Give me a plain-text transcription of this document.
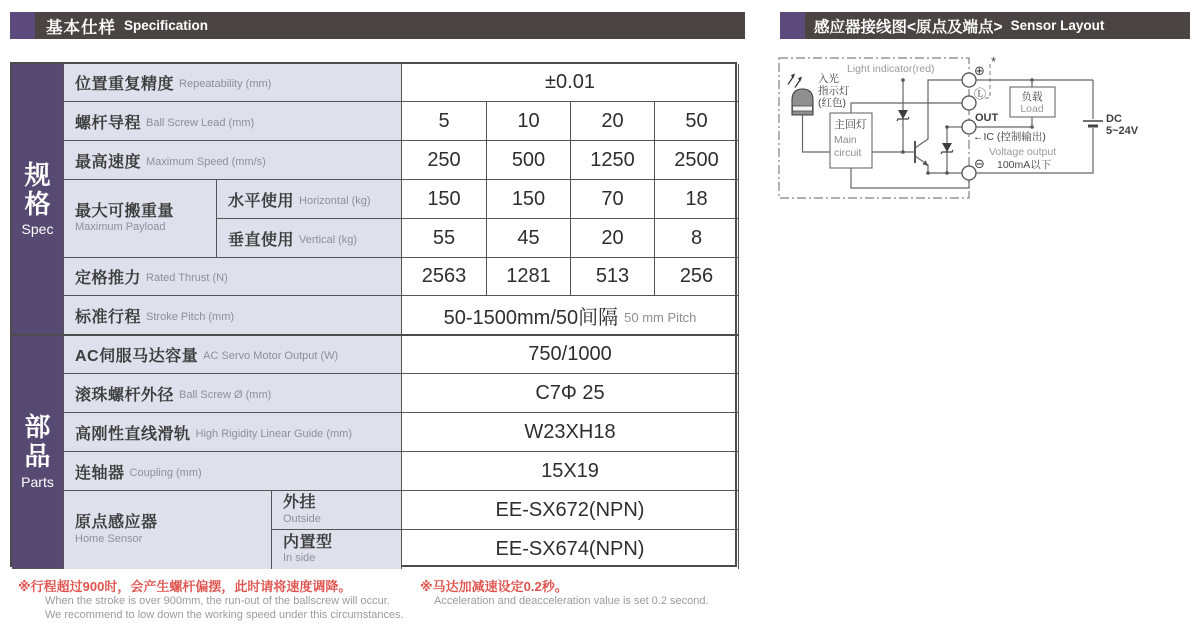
基本仕样 Specification	感应器接线图<原点及端点> Sensor Layout
规
格
Spec
部
品
Parts
位置重复精度 Repeatability (mm)	±0.01
螺杆导程 Ball Screw Lead (mm)	5	10	20	50
最高速度 Maximum Speed (mm/s)	250	500	1250	2500
最大可搬重量
Maximum Payload
水平使用 Horizontal (kg)	150	150	70	18
垂直使用 Vertical (kg)	55	45	20	8
定格推力 Rated Thrust (N)	2563	1281	513	256
标准行程 Stroke Pitch (mm)	50-1500mm/50间隔 50 mm Pitch
AC伺服马达容量 AC Servo Motor Output (W)	750/1000
滚珠螺杆外径 Ball Screw Ø (mm)	C7Φ 25
高刚性直线滑轨 High Rigidity Linear Guide (mm)	W23XH18
连轴器 Coupling (mm)	15X19
原点感应器
Home Sensor
外挂
Outside	EE-SX672(NPN)
内置型
In side	EE-SX674(NPN)
※行程超过900时，会产生螺杆偏摆，此时请将速度调降。
When the stroke is over 900mm, the run-out of the ballscrew will occur.
We recommend to low down the working speed under this circumstances.
※马达加减速设定0.2秒。
Acceleration and deacceleration value is set 0.2 second.
Light indicator(red)
入光
指示灯
(红色)
主回灯
Main
circuit
⊕
*
Ⓛ
OUT
←IC (控制输出)
Voltage output
100mA以下
⊖
负载
Load
DC
5~24V
